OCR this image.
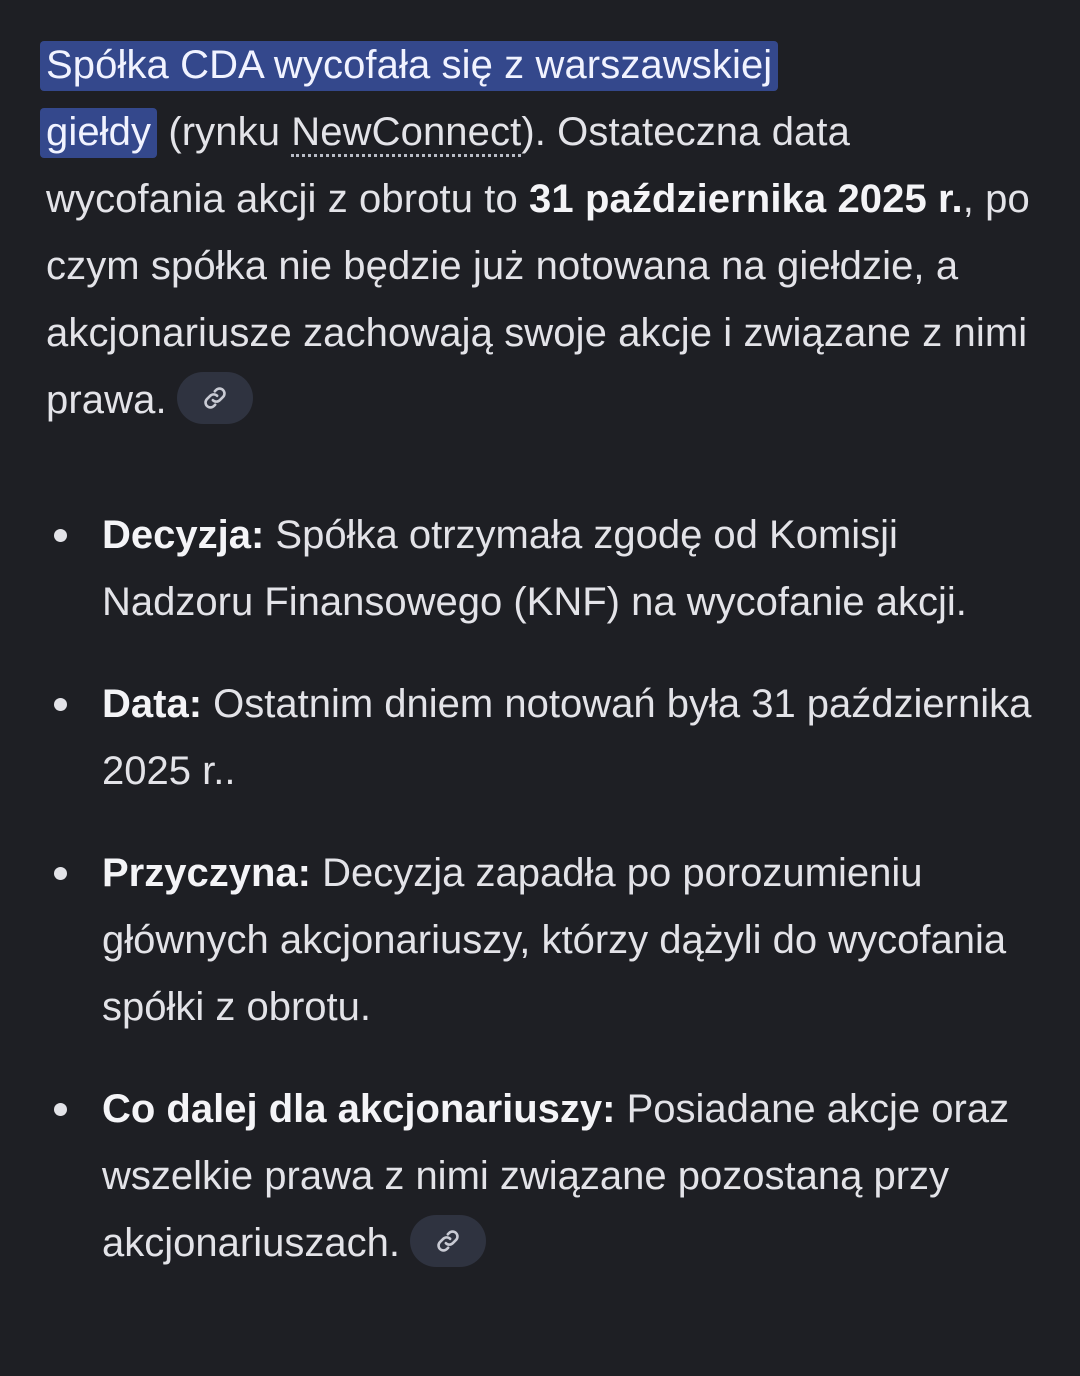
Spółka CDA wycofała się z warszawskiej
giełdy (rynku NewConnect). Ostateczna data wycofania akcji z obrotu to 31 października 2025 r., po czym spółka nie będzie już notowana na giełdzie, a akcjonariusze zachowają swoje akcje i związane z nimi prawa.

Decyzja: Spółka otrzymała zgodę od Komisji Nadzoru Finansowego (KNF) na wycofanie akcji.
Data: Ostatnim dniem notowań była 31 października 2025 r..
Przyczyna: Decyzja zapadła po porozumieniu głównych akcjonariuszy, którzy dążyli do wycofania spółki z obrotu.
Co dalej dla akcjonariuszy: Posiadane akcje oraz wszelkie prawa z nimi związane pozostaną przy akcjonariuszach.
